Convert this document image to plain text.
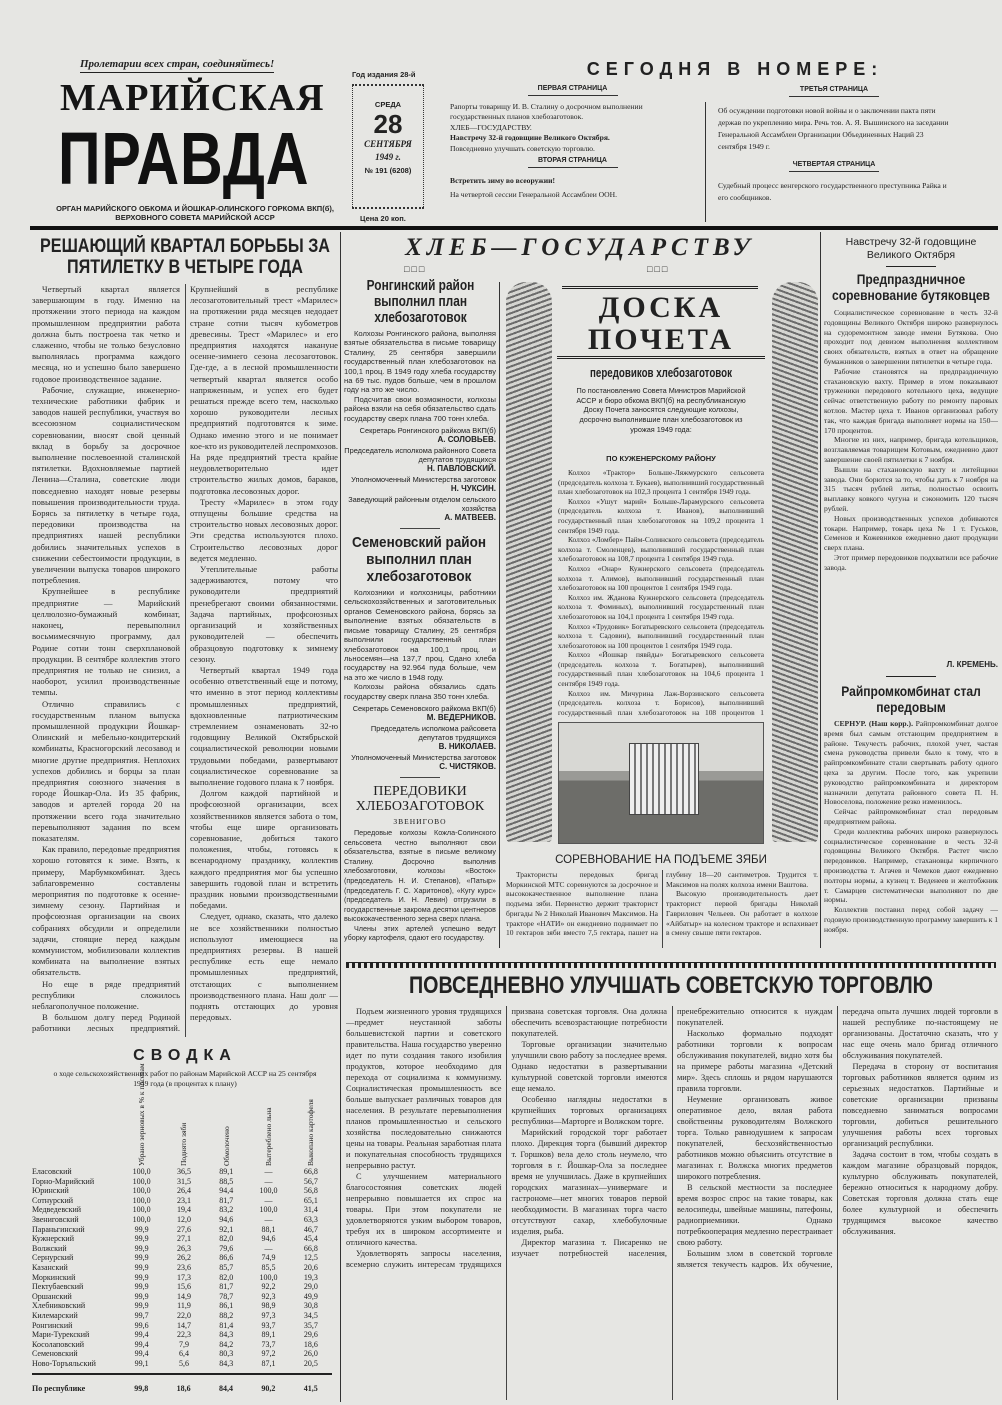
Пролетарии всех стран, соединяйтесь!
МАРИЙСКАЯ
ПРАВДА
ОРГАН МАРИЙСКОГО ОБКОМА И ЙОШКАР-ОЛИНСКОГО ГОРКОМА ВКП(б), ВЕРХОВНОГО СОВЕТА МАРИЙСКОЙ АССР
Год издания 28-й
СРЕДА
28
СЕНТЯБРЯ
1949 г.
№ 191 (6208)
Цена 20 коп.
СЕГОДНЯ В НОМЕРЕ:
ПЕРВАЯ СТРАНИЦА
Рапорты товарищу И. В. Сталину о досрочном выполнении государственных планов хлебозаготовок.
ХЛЕБ—ГОСУДАРСТВУ.
Навстречу 32-й годовщине Великого Октября.
Повседневно улучшать советскую торговлю.
ВТОРАЯ СТРАНИЦА
Встретить зиму во всеоружии!
На четвертой сессии Генеральной Ассамблеи ООН.
ТРЕТЬЯ СТРАНИЦА
Об осуждении подготовки новой войны и о заключении пакта пяти держав по укреплению мира. Речь тов. А. Я. Вышинского на заседании Генеральной Ассамблеи Организации Объединенных Наций 23 сентября 1949 г.
ЧЕТВЕРТАЯ СТРАНИЦА
Судебный процесс венгерского государственного преступника Райка и его сообщников.
РЕШАЮЩИЙ КВАРТАЛ БОРЬБЫ ЗА ПЯТИЛЕТКУ В ЧЕТЫРЕ ГОДА

Четвертый квартал является завершающим в году. Именно на протяжении этого периода на каждом промышленном предприятии работа должна быть построена так четко и слаженно, чтобы не только безусловно выполнялась программа каждого месяца, но и успешно было завершено годовое производственное задание.

Рабочие, служащие, инженерно-технические работники фабрик и заводов нашей республики, участвуя во всесоюзном социалистическом соревновании, вносят свой ценный вклад в борьбу за досрочное выполнение послевоенной сталинской пятилетки. Вдохновляемые партией Ленина—Сталина, советские люди повседневно находят новые резервы повышения производительности труда. Борясь за пятилетку в четыре года, передовики производства на предприятиях нашей республики добились значительных успехов в снижении себестоимости продукции, в увеличении выпуска товаров широкого потребления.

Крупнейшее в республике предприятие — Марийский целлюлозно-бумажный комбинат, наконец, перевыполнил восьмимесячную программу, дал Родине сотни тонн сверхплановой продукции. В сентябре коллектив этого предприятия не только не снизил, а наоборот, усилил производственные темпы.

Отлично справились с государственным планом выпуска промышленной продукции Йошкар-Олинский и мебельно-кондитерский комбинаты, Красногорский лесозавод и многие другие предприятия. Неплохих успехов добились и борцы за план предприятия союзного значения в городе Йошкар-Ола. Из 35 фабрик, заводов и артелей города 20 на протяжении всего года значительно перевыполняют задания по всем показателям.

Как правило, передовые предприятия хорошо готовятся к зиме. Взять, к примеру, Марбумкомбинат. Здесь заблаговременно составлены мероприятия по подготовке к осенне-зимнему сезону. Партийная и профсоюзная организации на своих собраниях обсудили и определили задачи, стоящие перед каждым коммунистом, мобилизовали коллектив комбината на выполнение взятых обязательств.

Но еще в ряде предприятий республики сложилось неблагополучное положение.

В большом долгу перед Родиной работники лесных предприятий. Крупнейший в республике лесозаготовительный трест «Марилес» на протяжении ряда месяцев недодает стране сотни тысяч кубометров древесины. Трест «Марилес» и его предприятия находятся накануне осенне-зимнего сезона лесозаготовок. Где-где, а в лесной промышленности четвертый квартал является особо напряженным, и успех его будет решаться прежде всего тем, насколько хорошо руководители лесных предприятий подготовятся к зиме. Однако именно этого и не понимает кое-кто из руководителей леспромхозов. На ряде предприятий треста крайне неудовлетворительно идет строительство жилых домов, бараков, подготовка лесовозных дорог.

Тресту «Марилес» в этом году отпущены большие средства на строительство новых лесовозных дорог. Эти средства используются плохо. Строительство лесовозных дорог ведется медленно.

Утеплительные работы задерживаются, потому что руководители предприятий пренебрегают своими обязанностями. Задача партийных, профсоюзных организаций и хозяйственных руководителей — обеспечить образцовую подготовку к зимнему сезону.

Четвертый квартал 1949 года особенно ответственный еще и потому, что именно в этот период коллективы промышленных предприятий, вдохновленные патриотическим стремлением ознаменовать 32-ю годовщину Великой Октябрьской социалистической революции новыми трудовыми победами, развертывают социалистическое соревнование за выполнение годового плана к 7 ноября.

Долгом каждой партийной и профсоюзной организации, всех хозяйственников является забота о том, чтобы еще шире организовать соревнование, добиться такого положения, чтобы, готовясь к всенародному празднику, коллектив каждого предприятия мог бы успешно завершить годовой план и встретить праздник новыми производственными победами.

Следует, однако, сказать, что далеко не все хозяйственники полностью используют имеющиеся на предприятиях резервы. В нашей республике есть еще немало промышленных предприятий, отстающих с выполнением производственного плана. Наш долг — поднять отстающих до уровня передовых.

СВОДКА
о ходе сельскохозяйственных работ по районам Марийской АССР на 25 сентября 1949 года (в процентах к плану)

	Убрано зерновых в % к посевам	Поднято зяби	Обмолочено	Вытереблено льна	Выкопано картофеля

Еласовский	100,0	36,5	89,1	—	66,8
Горно-Марийский	100,0	31,5	88,5	—	56,7
Юринский	100,0	26,4	94,4	100,0	56,8
Сотнурский	100,0	23,1	81,7	—	65,1
Медведевский	100,0	19,4	83,2	100,0	31,4
Звениговский	100,0	12,0	94,6	—	63,3
Параньгинский	99,9	27,6	92,1	88,1	46,7
Кужнерский	99,9	27,1	82,0	94,6	45,4
Волжский	99,9	26,3	79,6	—	66,8
Сернурский	99,9	26,2	86,6	74,9	12,5
Казанский	99,9	23,6	85,7	85,5	20,6
Моркинский	99,9	17,3	82,0	100,0	19,3
Пектубаевский	99,9	15,6	81,7	92,2	29,0
Оршанский	99,9	14,9	78,7	92,3	49,9
Хлебниковский	99,9	11,9	86,1	98,9	30,8
Килемарский	99,7	22,0	88,2	97,3	34,5
Ронгинский	99,6	14,7	81,4	93,7	35,7
Мари-Турекский	99,4	22,3	84,3	89,1	29,6
Косолаповский	99,4	7,9	84,2	73,7	18,6
Семеновский	99,4	6,4	80,3	97,2	26,0
Ново-Торъяльский	99,1	5,6	84,3	87,1	20,5
По республике	99,8	18,6	84,4	90,2	41,5
ХЛЕБ—ГОСУДАРСТВУ
□□□	□□□
Ронгинский район выполнил план хлебозаготовок

Колхозы Ронгинского района, выполняя взятые обязательства в письме товарищу Сталину, 25 сентября завершили государственный план хлебозаготовок на 100,1 проц. В 1949 году хлеба государству на 69 тыс. пудов больше, чем в прошлом году на это же число.

Подсчитав свои возможности, колхозы района взяли на себя обязательство сдать государству сверх плана 700 тонн хлеба.

Секретарь Ронгинского райкома ВКП(б)
А. СОЛОВЬЕВ.
Председатель исполкома районного Совета депутатов трудящихся
Н. ПАВЛОВСКИЙ.
Уполномоченный Министерства заготовок
Н. ЧУКСИН.
Заведующий районным отделом сельского хозяйства
А. МАТВЕЕВ.
Семеновский район выполнил план хлебозаготовок

Колхозники и колхозницы, работники сельскохозяйственных и заготовительных органов Семеновского района, борясь за выполнение взятых обязательств в письме товарищу Сталину, 25 сентября выполнили государственный план хлебозаготовок на 100,1 проц. и льносемян—на 137,7 проц. Сдано хлеба государству на 92.964 пуда больше, чем на это же число в 1948 году.

Колхозы района обязались сдать государству сверх плана 350 тонн хлеба.

Секретарь Семеновского райкома ВКП(б)
М. ВЕДЕРНИКОВ.
Председатель исполкома райсовета депутатов трудящихся
В. НИКОЛАЕВ.
Уполномоченный Министерства заготовок
С. ЧИСТЯКОВ.
ПЕРЕДОВИКИ ХЛЕБОЗАГОТОВОК
ЗВЕНИГОВО

Передовые колхозы Кожла-Солинского сельсовета честно выполняют свои обязательства, взятые в письме великому Сталину. Досрочно выполнив хлебозаготовки, колхозы «Восток» (председатель Н. И. Степанов), «Патыр» (председатель Г. С. Харитонов), «Кугу курс» (председатель И. Н. Левин) отгрузили в государственные закрома десятки центнеров высококачественного зерна сверх плана.

Члены этих артелей успешно ведут уборку картофеля, сдают его государству.

ДОСКА
ПОЧЕТА
передовиков хлебозаготовок
По постановлению Совета Министров Марийской АССР и бюро обкома ВКП(б) на республиканскую Доску Почета заносятся следующие колхозы, досрочно выполнившие план хлебозаготовок из урожая 1949 года:
ПО КУЖЕНЕРСКОМУ РАЙОНУ

Колхоз «Трактор» Больше-Ляжмурского сельсовета (председатель колхоза т. Букаев), выполнивший государственный план хлебозаготовок на 102,3 процента 1 сентября 1949 года.

Колхоз «Ушут марий» Больше-Ларамурского сельсовета (председатель колхоза т. Иванов), выполнивший государственный план хлебозаготовок на 109,2 процента 1 сентября 1949 года.

Колхоз «Ломбер» Пайм-Солинского сельсовета (председатель колхоза т. Смоленцев), выполнивший государственный план хлебозаготовок на 108,7 процента 1 сентября 1949 года.

Колхоз «Онар» Кужнерского сельсовета (председатель колхоза т. Алимов), выполнивший государственный план хлебозаготовок на 100 процентов 1 сентября 1949 года.

Колхоз им. Жданова Кужнерского сельсовета (председатель колхоза т. Фоминых), выполнивший государственный план хлебозаготовок на 104,1 процента 1 сентября 1949 года.

Колхоз «Трудовик» Богатыревского сельсовета (председатель колхоза т. Садовин), выполнивший государственный план хлебозаготовок на 100 процентов 1 сентября 1949 года.

Колхоз «Йошкар пявйды» Богатыревского сельсовета (председатель колхоза т. Богатырев), выполнивший государственный план хлебозаготовок на 104,6 процента 1 сентября 1949 года.

Колхоз им. Мичурина Лаж-Ворзинского сельсовета (председатель колхоза т. Борисов), выполнивший государственный план хлебозаготовок на 108 процентов 1

СОРЕВНОВАНИЕ НА ПОДЪЕМЕ ЗЯБИ

Трактористы передовых бригад Моркинской МТС соревнуются за досрочное и высококачественное выполнение плана подъема зяби. Первенство держит тракторист бригады № 2 Николай Иванович Максимов. На тракторе «НАТИ» он ежедневно поднимает по 10 гектаров зяби вместо 7,5 гектара, пашет на глубину 18—20 сантиметров. Трудится т. Максимов на полях колхоза имени Ваштова.

Высокую производительность дает тракторист первой бригады Николай Гаврилович Чельеев. Он работает в колхозе «Айбатыр» на колесном тракторе и вспахивает в смену свыше пяти гектаров.

Навстречу 32-й годовщине Великого Октября
Предпраздничное соревнование бутяковцев

Социалистическое соревнование в честь 32-й годовщины Великого Октября широко развернулось на судоремонтном заводе имени Бутякова. Оно проходит под девизом выполнения коллективом своих обязательств, взятых в ответ на обращение бумажников о завершении пятилетки в четыре года.

Рабочие становятся на предпраздничную стахановскую вахту. Пример в этом показывают труженики передового котельного цеха, ведущие сейчас ответственную работу по ремонту паровых котлов. Мастер цеха т. Иванов организовал работу так, что каждая бригада выполняет нормы на 150—170 процентов.

Многие из них, например, бригада котельщиков, возглавляемая товарищем Котовым, ежедневно дают завершение своей пятилетки к 7 ноября.

Вышли на стахановскую вахту и литейщики завода. Они борются за то, чтобы дать к 7 ноября на 315 тысяч рублей литья, полностью освоить выплавку ковкого чугуна и сэкономить 120 тысяч рублей.

Новых производственных успехов добиваются токари. Например, токарь цеха № 1 т. Гуськов, Семенов и Кожевников ежедневно дают продукции сверх плана.

Этот пример передовиков подхватили все рабочие завода.

Л. КРЕМЕНЬ.
Райпромкомбинат стал передовым

СЕРНУР. (Наш корр.). Райпромкомбинат долгое время был самым отстающим предприятием в районе. Текучесть рабочих, плохой учет, частая смена руководства привели было к тому, что в райпромкомбинате стали свертывать работу одного цеха за другим. После того, как укрепили руководство райпромкомбината и директором назначили депутата районного совета П. Н. Новоселова, положение резко изменилось.

Сейчас райпромкомбинат стал передовым предприятием района.

Среди коллектива рабочих широко развернулось социалистическое соревнование в честь 32-й годовщины Великого Октября. Растет число передовиков. Например, стахановцы кирпичного производства т. Агачев и Чемеков дают ежедневно полторы нормы, а кузнец т. Веденеев и желтобжник т. Самарцев систематически выполняют по две нормы.

Коллектив поставил перед собой задачу — годовую производственную программу завершить к 1 ноября.

ПОВСЕДНЕВНО УЛУЧШАТЬ СОВЕТСКУЮ ТОРГОВЛЮ

Подъем жизненного уровня трудящихся—предмет неустанной заботы большевистской партии и советского правительства. Наша государство уверенно идет по пути создания такого изобилия продуктов, которое необходимо для перехода от социализма к коммунизму. Социалистическая промышленность все больше выпускает различных товаров для населения. В результате перевыполнения планов промышленностью и сельского хозяйства последовательно снижаются цены на товары. Реальная заработная плата и покупательная способность трудящихся непрерывно растут.

С улучшением материального благосостояния советских людей непрерывно повышается их спрос на товары. При этом покупатели не удовлетворяются узким выбором товаров, требуя их в широком ассортименте и отличного качества.

Удовлетворять запросы населения, всемерно служить интересам трудящихся призвана советская торговля. Она должна обеспечить всевозрастающие потребности покупателей.

Торговые организации значительно улучшили свою работу за последнее время. Однако недостатки в развертывании культурной советской торговли имеются еще немало.

Особенно наглядны недостатки в крупнейших торговых организациях республики—Марторге и Волжском торге.

Марийский городской торг работает плохо. Дирекция торга (бывший директор т. Горшков) вела дело столь неумело, что торговля в г. Йошкар-Ола за последнее время не улучшилась. Даже в крупнейших городских магазинах—универмаге и гастрономе—нет многих товаров первой необходимости. В магазинах торга часто отсутствуют сахар, хлебобулочные изделия, рыба.

Директор магазина т. Писаренко не изучает потребностей населения, пренебрежительно относится к нуждам покупателей.

Насколько формально подходят работники торговли к вопросам обслуживания покупателей, видно хотя бы на примере работы магазина «Детский мир». Здесь сплошь и рядом нарушаются правила торговли.

Неумение организовать живое оперативное дело, вялая работа свойственны руководителям Волжского торга. Только равнодушием к запросам покупателей, бесхозяйственностью работников можно объяснить отсутствие в магазинах г. Волжска многих предметов широкого потребления.

В сельской местности за последнее время возрос спрос на такие товары, как велосипеды, швейные машины, патефоны, радиоприемники. Однако потребкооперация медленно перестраивает свою работу.

Большим злом в советской торговле является текучесть кадров. Их обучение, передача опыта лучших людей торговли в нашей республике по-настоящему не организованы. Достаточно сказать, что у нас еще очень мало бригад отличного обслуживания покупателей.

Передача в сторону от воспитания торговых работников является одним из серьезных недостатков. Партийные и советские организации призваны повседневно заниматься вопросами торговли, добиться решительного улучшения работы всех торговых организаций республики.

Задача состоит в том, чтобы создать в каждом магазине образцовый порядок, культурно обслуживать покупателей, бережно относиться к народному добру. Советская торговля должна стать еще более культурной и обеспечить трудящимся высокое качество обслуживания.
